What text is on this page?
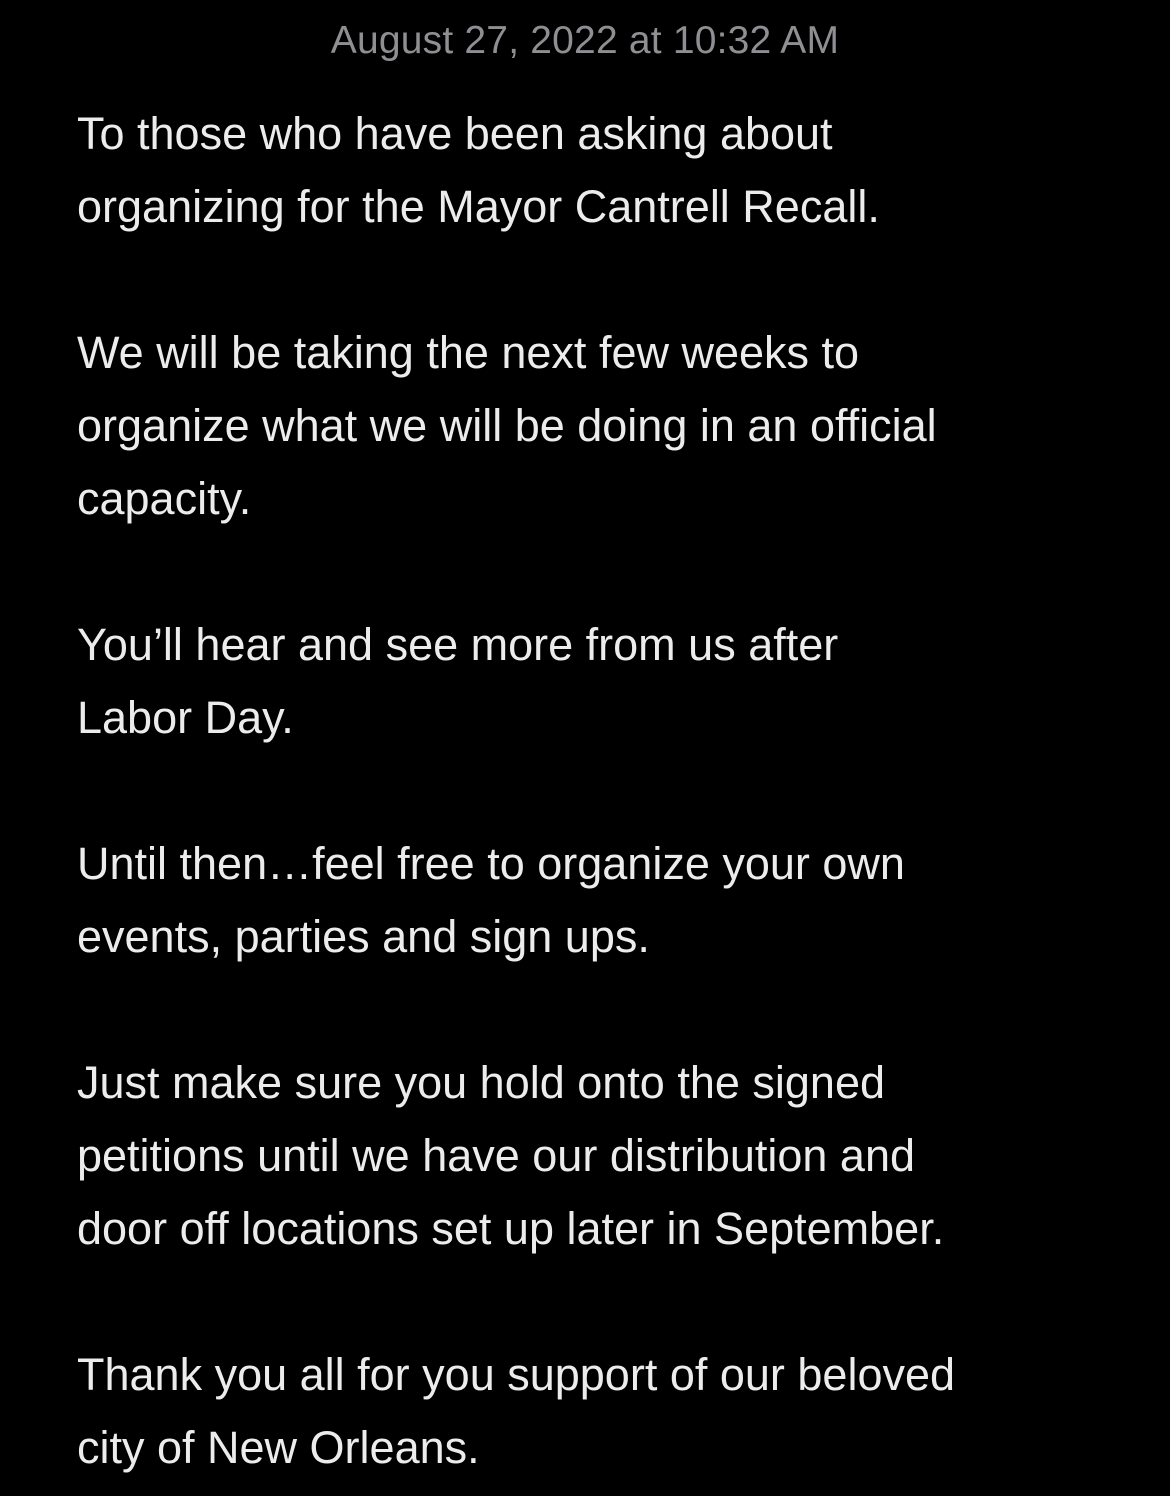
August 27, 2022 at 10:32 AM
To those who have been asking about
organizing for the Mayor Cantrell Recall.
We will be taking the next few weeks to
organize what we will be doing in an official
capacity.
You’ll hear and see more from us after
Labor Day.
Until then…feel free to organize your own
events, parties and sign ups.
Just make sure you hold onto the signed
petitions until we have our distribution and
door off locations set up later in September.
Thank you all for you support of our beloved
city of New Orleans.
